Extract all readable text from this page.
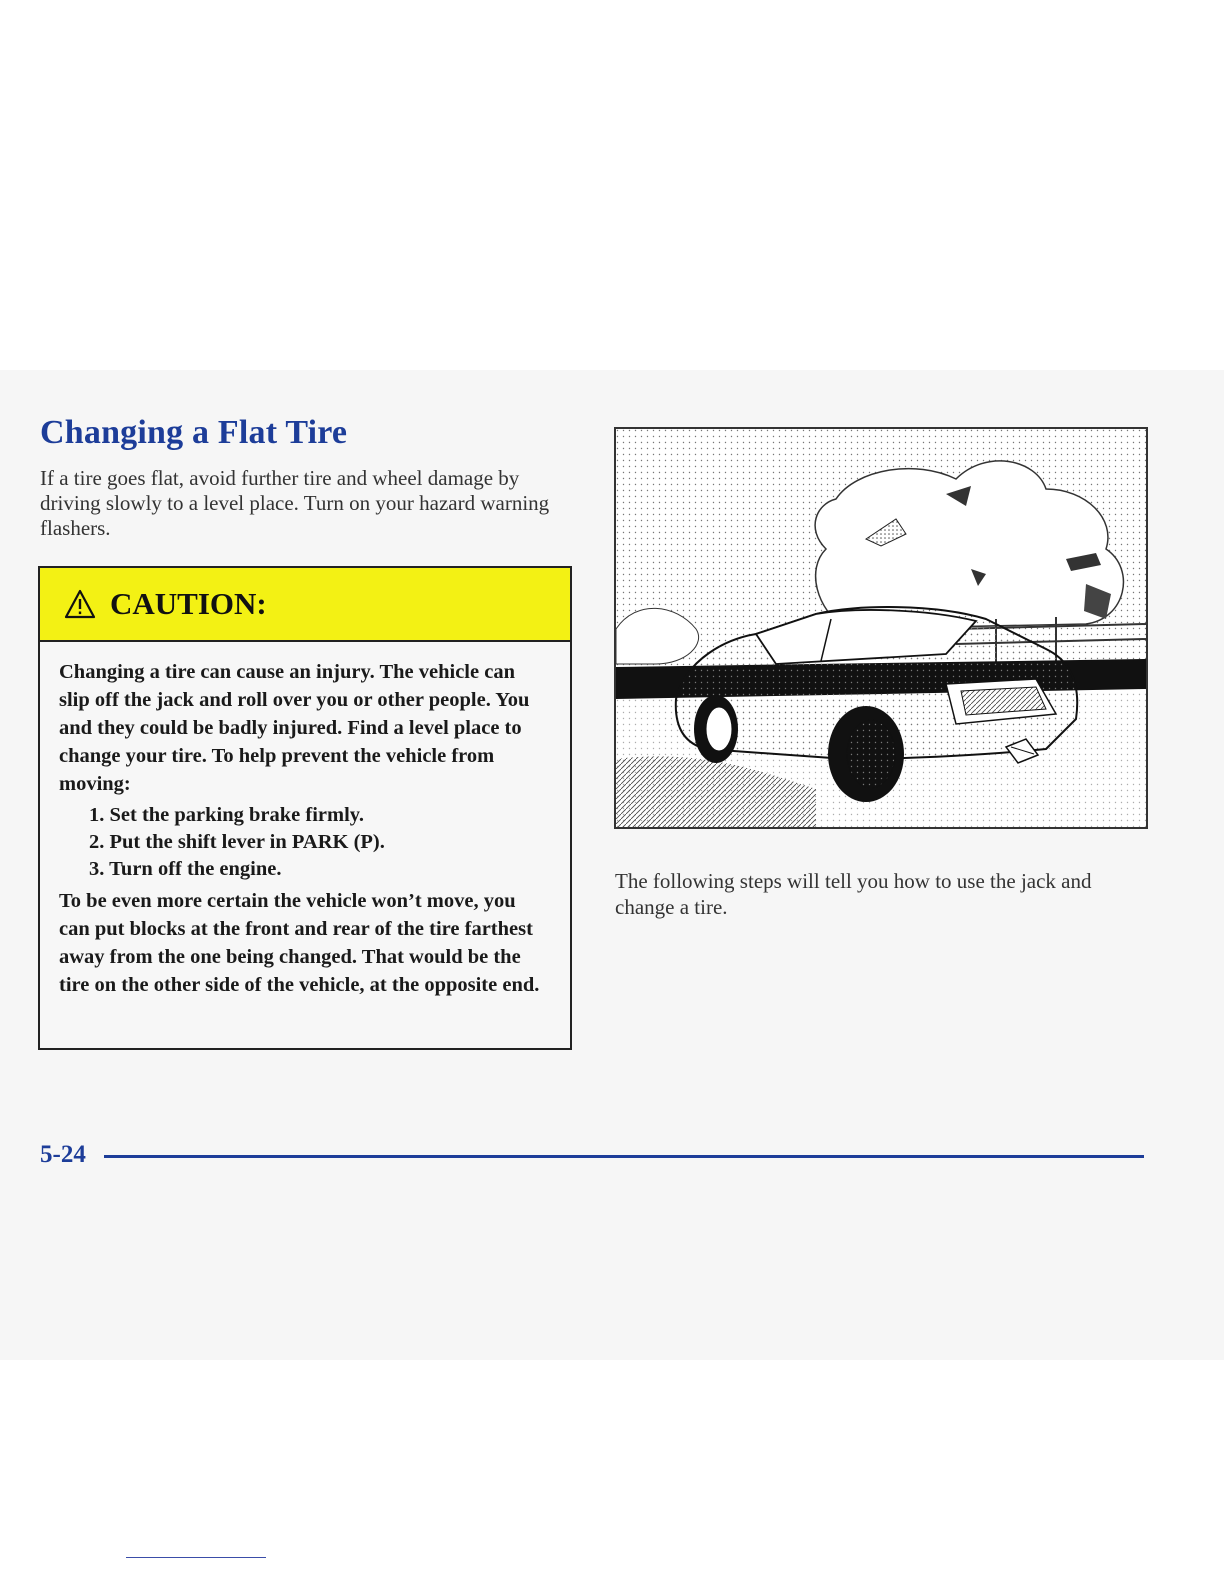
Changing a Flat Tire

If a tire goes flat, avoid further tire and wheel damage by driving slowly to a level place. Turn on your hazard warning flashers.

CAUTION:

Changing a tire can cause an injury. The vehicle can slip off the jack and roll over you or other people. You and they could be badly injured. Find a level place to change your tire. To help prevent the vehicle from moving:

1. Set the parking brake firmly.
2. Put the shift lever in PARK (P).
3. Turn off the engine.

To be even more certain the vehicle won’t move, you can put blocks at the front and rear of the tire farthest away from the one being changed. That would be the tire on the other side of the vehicle, at the opposite end.

The following steps will tell you how to use the jack and change a tire.

5-24
